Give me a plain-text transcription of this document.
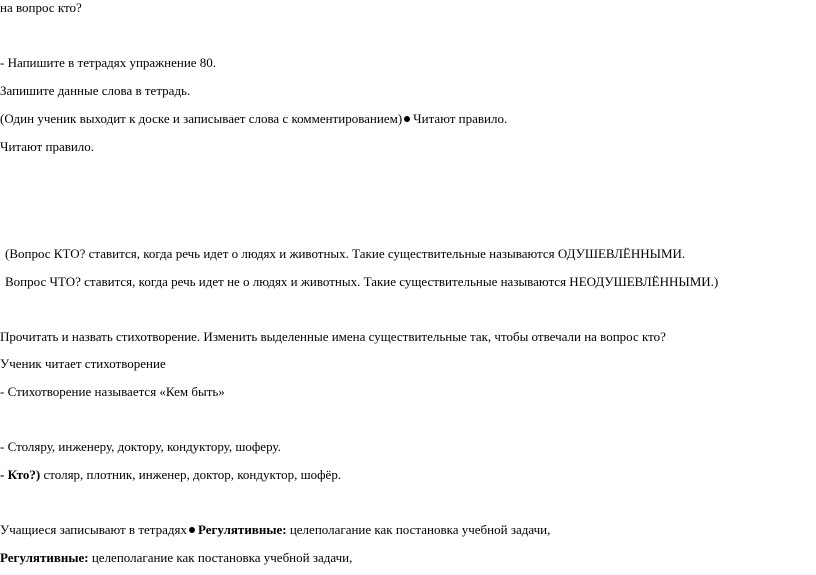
на вопрос кто?
- Напишите в тетрадях упражнение 80.
Запишите данные слова в тетрадь.
(Один ученик выходит к доске и записывает слова с комментированием) Читают правило.
Читают правило.
(Вопрос КТО? ставится, когда речь идет о людях и животных. Такие существительные называются ОДУШЕВЛЁННЫМИ.
Вопрос ЧТО? ставится, когда речь идет не о людях и животных. Такие существительные называются НЕОДУШЕВЛЁННЫМИ.)
Прочитать и назвать стихотворение. Изменить выделенные имена существительные так, чтобы отвечали на вопрос кто?
Ученик читает стихотворение
- Стихотворение называется «Кем быть»
- Столяру, инженеру, доктору, кондуктору, шоферу.
- Кто?) столяр, плотник, инженер, доктор, кондуктор, шофёр.
Учащиеся записывают в тетрадях Регулятивные: целеполагание как постановка учебной задачи,
Регулятивные: целеполагание как постановка учебной задачи,
